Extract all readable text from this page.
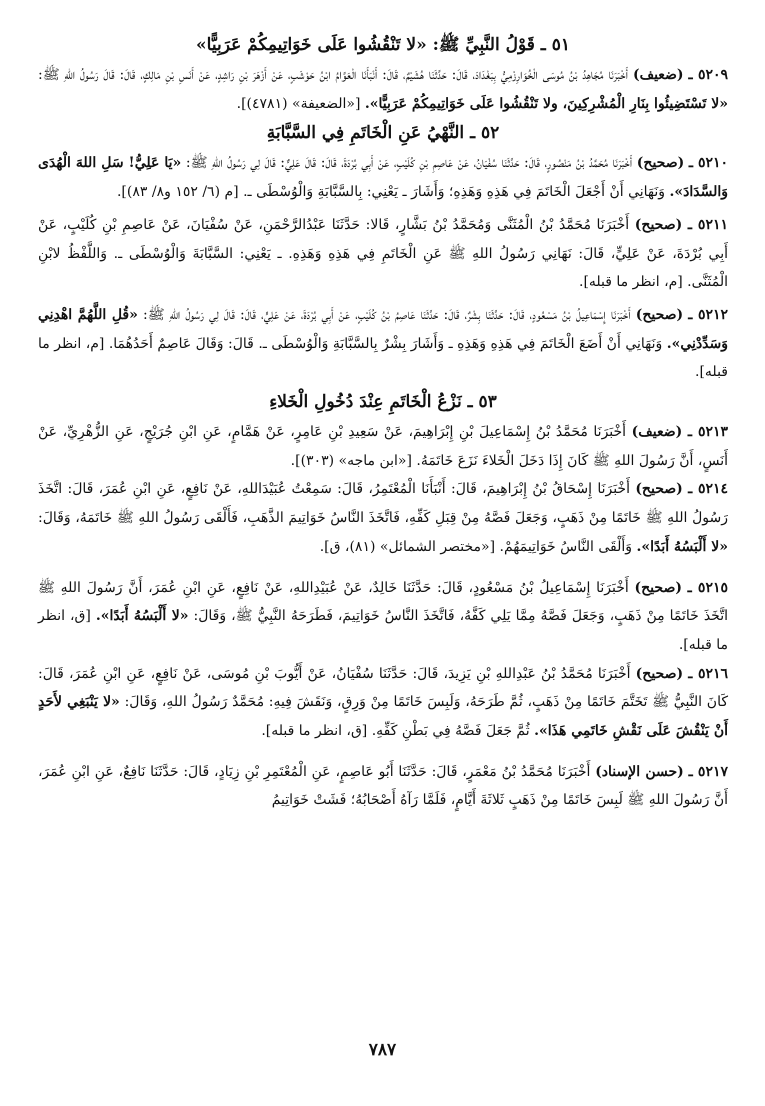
٥١ ـ قَوْلُ النَّبِيِّ ﷺ: «لا تَنْقُشُوا عَلَى خَوَاتِيمِكُمْ عَرَبِيًّا»

٥٢٠٩ ـ (ضعيف) أَخْبَرَنَا مُجَاهِدُ بْنُ مُوسَى الْخُوَارِزْمِيُّ بِبَغْدَادَ، قَالَ: حَدَّثَنَا هُشَيْمٌ، قَالَ: أَنْبَأَنَا الْعَوَّامُ ابْنُ حَوْشَبٍ، عَنْ أَزْهَرَ بْنِ رَاشِدٍ، عَنْ أَنَسِ بْنِ مَالِكٍ، قَالَ: قَالَ رَسُولُ اللهِ ﷺ: «لا تَسْتَضِيئُوا بِنَارِ الْمُشْرِكِينَ، ولا تَنْقُشُوا عَلَى خَوَاتِيمِكُمْ عَرَبِيًّا». [«الضعيفة» (٤٧٨١)].

٥٢ ـ النَّهْيُ عَنِ الْخَاتَمِ فِي السَّبَّابَةِ

٥٢١٠ ـ (صحيح) أَخْبَرَنَا مُحَمَّدُ بْنُ مَنْصُورٍ، قَالَ: حَدَّثَنَا سُفْيَانُ، عَنْ عَاصِمِ بْنِ كُلَيْبٍ، عَنْ أَبِي بُرْدَةَ، قَالَ: قَالَ عَلِيٌّ: قَالَ لِي رَسُولُ اللهِ ﷺ: «يَا عَلِيُّ! سَلِ اللهَ الْهُدَى وَالسَّدَادَ». وَنَهَانِي أَنْ أَجْعَلَ الْخَاتَمَ فِي هَذِهِ وَهَذِهِ؛ وَأَشَارَ ـ يَعْنِي: بِالسَّبَّابَةِ وَالْوُسْطَى ـ. [م (٦/ ١٥٢ و٨/ ٨٣)].

٥٢١١ ـ (صحيح) أَخْبَرَنَا مُحَمَّدُ بْنُ الْمُثَنَّى وَمُحَمَّدُ بْنُ بَشَّارٍ، قَالا: حَدَّثَنَا عَبْدُالرَّحْمَنِ، عَنْ سُفْيَانَ، عَنْ عَاصِمِ بْنِ كُلَيْبٍ، عَنْ أَبِي بُرْدَةَ، عَنْ عَلِيٍّ، قَالَ: نَهَانِي رَسُولُ اللهِ ﷺ عَنِ الْخَاتَمِ فِي هَذِهِ وَهَذِهِ. ـ يَعْنِي: السَّبَّابَةَ وَالْوُسْطَى ـ. وَاللَّفْظُ لابْنِ الْمُثَنَّى. [م، انظر ما قبله].

٥٢١٢ ـ (صحيح) أَخْبَرَنَا إِسْمَاعِيلُ بْنُ مَسْعُودٍ، قَالَ: حَدَّثَنَا بِشْرٌ، قَالَ: حَدَّثَنَا عَاصِمُ بْنُ كُلَيْبٍ، عَنْ أَبِي بُرْدَةَ، عَنْ عَلِيٍّ، قَالَ: قَالَ لِي رَسُولُ اللهِ ﷺ: «قُلِ اللَّهُمَّ اهْدِنِي وَسَدِّدْنِي». وَنَهَانِي أَنْ أَضَعَ الْخَاتَمَ فِي هَذِهِ وَهَذِهِ ـ وَأَشَارَ بِشْرٌ بِالسَّبَّابَةِ وَالْوُسْطَى ـ. قَالَ: وَقَالَ عَاصِمٌ أَحَدُهُمَا. [م، انظر ما قبله].

٥٣ ـ نَزْعُ الْخَاتَمِ عِنْدَ دُخُولِ الْخَلاءِ

٥٢١٣ ـ (ضعيف) أَخْبَرَنَا مُحَمَّدُ بْنُ إِسْمَاعِيلَ بْنِ إِبْرَاهِيمَ، عَنْ سَعِيدِ بْنِ عَامِرٍ، عَنْ هَمَّامٍ، عَنِ ابْنِ جُرَيْجٍ، عَنِ الزُّهْرِيِّ، عَنْ أَنَسٍ، أَنَّ رَسُولَ اللهِ ﷺ كَانَ إِذَا دَخَلَ الْخَلاءَ نَزَعَ خَاتَمَهُ. [«ابن ماجه» (٣٠٣)].

٥٢١٤ ـ (صحيح) أَخْبَرَنَا إِسْحَاقُ بْنُ إِبْرَاهِيمَ، قَالَ: أَنْبَأَنَا الْمُعْتَمِرُ، قَالَ: سَمِعْتُ عُبَيْدَاللهِ، عَنْ نَافِعٍ، عَنِ ابْنِ عُمَرَ، قَالَ: اتَّخَذَ رَسُولُ اللهِ ﷺ خَاتَمًا مِنْ ذَهَبٍ، وَجَعَلَ فَصَّهُ مِنْ قِبَلِ كَفِّهِ، فَاتَّخَذَ النَّاسُ خَوَاتِيمَ الذَّهَبِ، فَأَلْقَى رَسُولُ اللهِ ﷺ خَاتَمَهُ، وَقَالَ: «لا أَلْبَسُهُ أَبَدًا». وَأَلْقَى النَّاسُ خَوَاتِيمَهُمْ. [«مختصر الشمائل» (٨١)، ق].

٥٢١٥ ـ (صحيح) أَخْبَرَنَا إِسْمَاعِيلُ بْنُ مَسْعُودٍ، قَالَ: حَدَّثَنَا خَالِدٌ، عَنْ عُبَيْدِاللهِ، عَنْ نَافِعٍ، عَنِ ابْنِ عُمَرَ، أَنَّ رَسُولَ اللهِ ﷺ اتَّخَذَ خَاتَمًا مِنْ ذَهَبٍ، وَجَعَلَ فَصَّهُ مِمَّا يَلِي كَفَّهُ، فَاتَّخَذَ النَّاسُ خَوَاتِيمَ، فَطَرَحَهُ النَّبِيُّ ﷺ، وَقَالَ: «لا أَلْبَسُهُ أَبَدًا». [ق، انظر ما قبله].

٥٢١٦ ـ (صحيح) أَخْبَرَنَا مُحَمَّدُ بْنُ عَبْدِاللهِ بْنِ يَزِيدَ، قَالَ: حَدَّثَنَا سُفْيَانُ، عَنْ أَيُّوبَ بْنِ مُوسَى، عَنْ نَافِعٍ، عَنِ ابْنِ عُمَرَ، قَالَ: كَانَ النَّبِيُّ ﷺ تَخَتَّمَ خَاتَمًا مِنْ ذَهَبٍ، ثُمَّ طَرَحَهُ، وَلَبِسَ خَاتَمًا مِنْ وَرِقٍ، وَنَقَشَ فِيهِ: مُحَمَّدٌ رَسُولُ اللهِ، وَقَالَ: «لا يَنْبَغِي لأَحَدٍ أَنْ يَنْقُشَ عَلَى نَقْشِ خَاتَمِي هَذَا». ثُمَّ جَعَلَ فَصَّهُ فِي بَطْنِ كَفِّهِ. [ق، انظر ما قبله].

٥٢١٧ ـ (حسن الإسناد) أَخْبَرَنَا مُحَمَّدُ بْنُ مَعْمَرٍ، قَالَ: حَدَّثَنَا أَبُو عَاصِمٍ، عَنِ الْمُعْتَمِرِ بْنِ زِيَادٍ، قَالَ: حَدَّثَنَا نَافِعٌ، عَنِ ابْنِ عُمَرَ، أَنَّ رَسُولَ اللهِ ﷺ لَبِسَ خَاتَمًا مِنْ ذَهَبٍ ثَلاثَةَ أَيَّامٍ، فَلَمَّا رَآهُ أَصْحَابُهُ؛ فَشَتْ خَوَاتِيمُ

٧٨٧
